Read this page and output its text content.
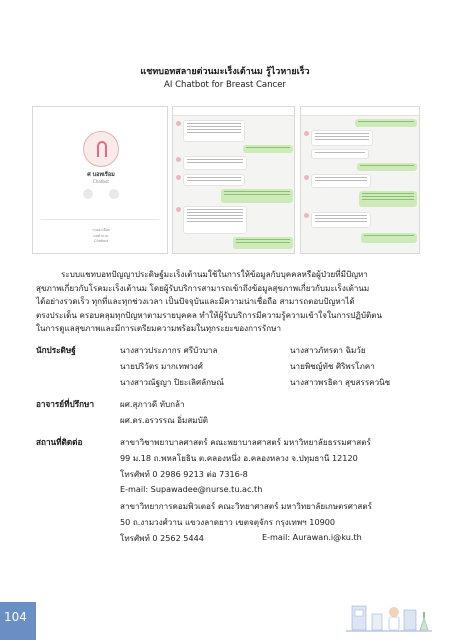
แชทบอทสลายต่วนมะเร็งเต้านม รู้ไวหายเร็ว
AI Chatbot for Breast Cancer
ศ บอทเรือม
Chatbot
รายละเอียด
ผลคำถาม
Chatbot

ระบบแชทบอทปัญญาประดิษฐ์มะเร็งเต้านมใช้ในการให้ข้อมูลกับบุคคลหรือผู้ป่วยที่มีปัญหา

สุขภาพเกี่ยวกับโรคมะเร็งเต้านม โดยผู้รับบริการสามารถเข้าถึงข้อมูลสุขภาพเกี่ยวกับมะเร็งเต้านม

ได้อย่างรวดเร็ว ทุกที่และทุกช่วงเวลา เป็นปัจจุบันและมีความน่าเชื่อถือ สามารถตอบปัญหาได้

ตรงประเด็น ครอบคลุมทุกปัญหาตามรายบุคคล ทำให้ผู้รับบริการมีความรู้ความเข้าใจในการปฏิบัติตน

ในการดูแลสุขภาพและมีการเตรียมความพร้อมในทุกระยะของการรักษา

นักประดิษฐ์	นางสาวประภากร ศรีบัวบาล	นางสาวภัทรดา ฉิมวัย
นายปริวัตร มากเทพวงศ์	นายพิชญ์ทัช ศิริพรโภคา
นางสาวณัฐญา ปิยะเลิศลักษณ์	นางสาวพรธิดา สุขสรรควนิช
อาจารย์ที่ปรึกษา	ผศ.สุภาวดี ทับกล้า
ผศ.ดร.อรวรรณ อิ่มสมบัติ
สถานที่ติดต่อ	สาขาวิชาพยาบาลศาสตร์ คณะพยาบาลศาสตร์ มหาวิทยาลัยธรรมศาสตร์
99 ม.18 ถ.พหลโยธิน ต.คลองหนึ่ง อ.คลองหลวง จ.ปทุมธานี 12120
โทรศัพท์ 0 2986 9213 ต่อ 7316-8
E-mail: Supawadee@nurse.tu.ac.th
สาขาวิทยาการคอมพิวเตอร์ คณะวิทยาศาสตร์ มหาวิทยาลัยเกษตรศาสตร์
50 ถ.งามวงศ์วาน แขวงลาดยาว เขตจตุจักร กรุงเทพฯ 10900
โทรศัพท์ 0 2562 5444	E-mail: Aurawan.i@ku.th
104
